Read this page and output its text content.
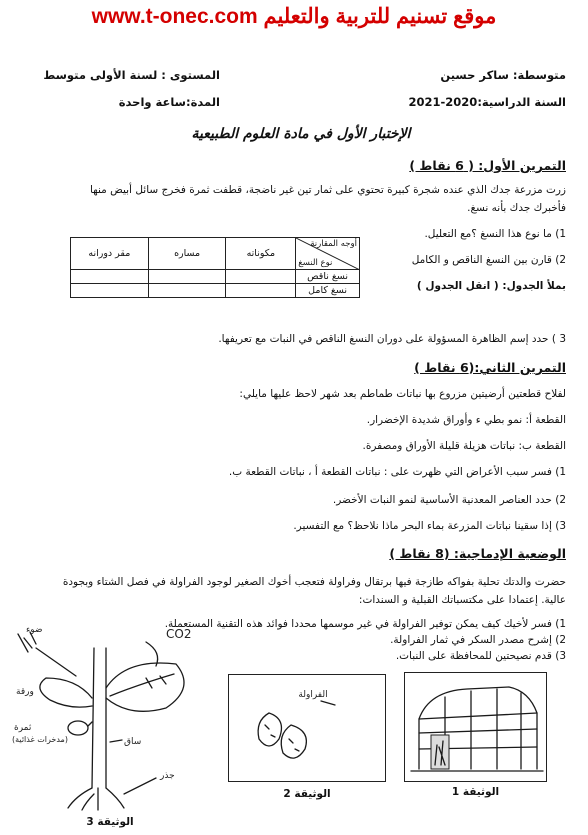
موقع تسنيم للتربية والتعليم www.t-onec.com
متوسطة: ساكر حسين
المستوى : لسنة الأولى متوسط
السنة الدراسية:2020-2021
المدة:ساعة واحدة
الإختبار الأول في مادة العلوم الطبيعية
التمرين الأول: ( 6 نقاط )
زرت مزرعة جدك الذي عنده شجرة كبيرة تحتوي على ثمار تين غير ناضجة، قطفت ثمرة فخرج سائل أبيض منها
فأخبرك جدك بأنه نسغ.
1) ما نوع هذا النسغ ؟مع التعليل.
2) قارن بين النسغ الناقص و الكامل
بملأ الجدول: ( انقل الجدول )
أوجه المقارنة
نوع النسغ	مكوناته	مساره	مقر دورانه
نسغ ناقص			
نسغ كامل			
3 ) حدد إسم الظاهرة المسؤولة على دوران النسغ الناقص في النبات مع تعريفها.
التمرين الثاني:(6 نقاط )
لفلاح قطعتين أرضيتين مزروع بها نباتات طماطم بعد شهر لاحظ عليها مايلي:
القطعة أ: نمو بطي ء وأوراق شديدة الإخضرار.
القطعة ب: نباتات هزيلة قليلة الأوراق ومصفرة.
1) فسر سبب الأعراض التي ظهرت على : نباتات القطعة أ ، نباتات القطعة ب.
2) حدد العناصر المعدنية الأساسية لنمو النبات الأخضر.
3) إذا سقينا نباتات المزرعة بماء البحر ماذا نلاحظ؟ مع التفسير.
الوضعية الإدماجية: (8 نقاط )
حضرت والدتك تحلية بفواكه طازجة فيها برتقال وفراولة فتعجب أخوك الصغير لوجود الفراولة في فصل الشتاء وبجودة
عالية. إعتمادا على مكتسباتك القبلية و السندات:
1) فسر لأخيك كيف يمكن توفير الفراولة في غير موسمها محددا فوائد هذه التقنية المستعملة.
2) إشرح مصدر السكر في ثمار الفراولة.
3) قدم نصيحتين للمحافظة على النبات.
الوثيقة 1
الفراولة
الوثيقة 2
ضوء	CO2
ورقة
ثمرة
(مدخرات غذائية)	ساق
جذر
الوثيقة 3
